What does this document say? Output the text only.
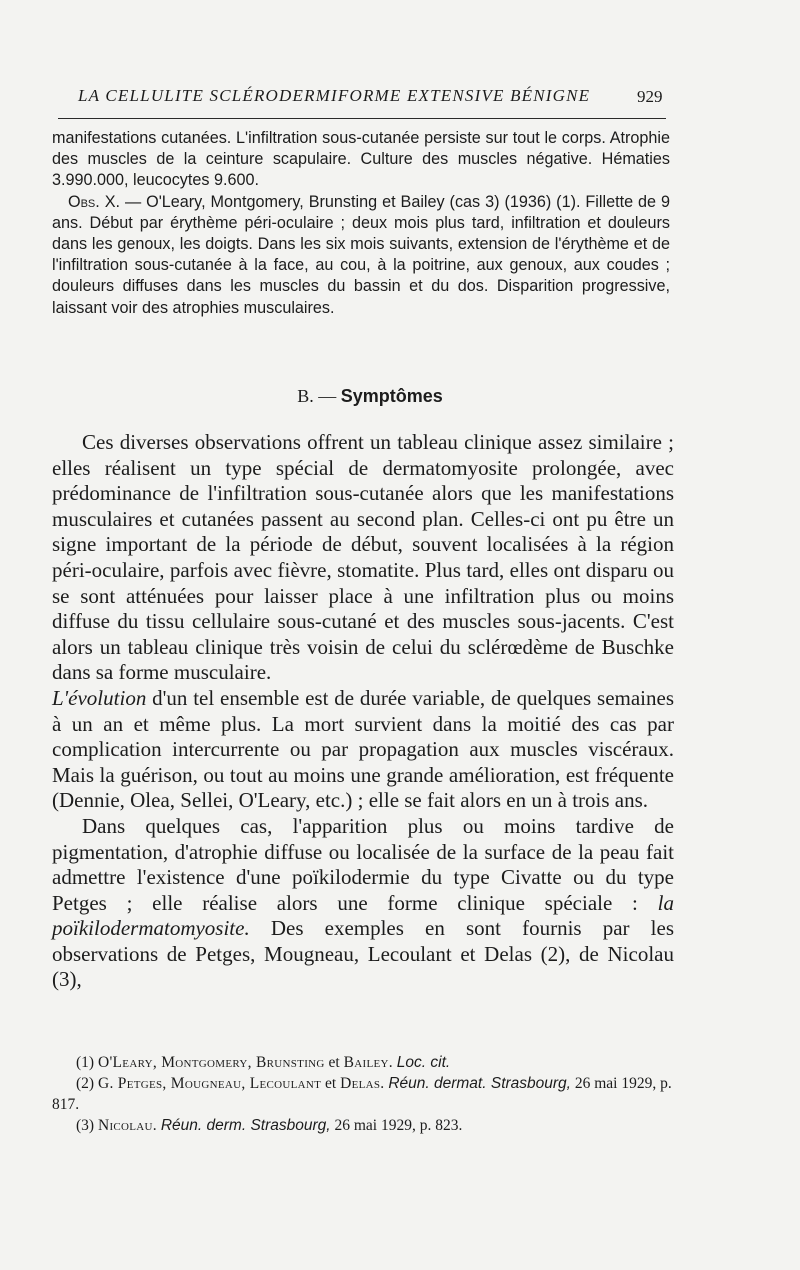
LA CELLULITE SCLÉRODERMIFORME EXTENSIVE BÉNIGNE	929

manifestations cutanées. L'infiltration sous-cutanée persiste sur tout le corps. Atrophie des muscles de la ceinture scapulaire. Culture des muscles négative. Hématies 3.990.000, leucocytes 9.600.

Obs. X. — O'Leary, Montgomery, Brunsting et Bailey (cas 3) (1936) (1). Fillette de 9 ans. Début par érythème péri-oculaire ; deux mois plus tard, infiltration et douleurs dans les genoux, les doigts. Dans les six mois suivants, extension de l'érythème et de l'infiltration sous-cutanée à la face, au cou, à la poitrine, aux genoux, aux coudes ; douleurs diffuses dans les muscles du bassin et du dos. Disparition progressive, laissant voir des atrophies musculaires.

B. — Symptômes

Ces diverses observations offrent un tableau clinique assez similaire ; elles réalisent un type spécial de dermatomyosite prolongée, avec prédominance de l'infiltration sous-cutanée alors que les manifestations musculaires et cutanées passent au second plan. Celles-ci ont pu être un signe important de la période de début, souvent localisées à la région péri-oculaire, parfois avec fièvre, stomatite. Plus tard, elles ont disparu ou se sont atténuées pour laisser place à une infiltration plus ou moins diffuse du tissu cellulaire sous-cutané et des muscles sous-jacents. C'est alors un tableau clinique très voisin de celui du sclérœdème de Buschke dans sa forme musculaire.

L'évolution d'un tel ensemble est de durée variable, de quelques semaines à un an et même plus. La mort survient dans la moitié des cas par complication intercurrente ou par propagation aux muscles viscéraux. Mais la guérison, ou tout au moins une grande amélioration, est fréquente (Dennie, Olea, Sellei, O'Leary, etc.) ; elle se fait alors en un à trois ans.

Dans quelques cas, l'apparition plus ou moins tardive de pigmentation, d'atrophie diffuse ou localisée de la surface de la peau fait admettre l'existence d'une poïkilodermie du type Civatte ou du type Petges ; elle réalise alors une forme clinique spéciale : la poïkilodermatomyosite. Des exemples en sont fournis par les observations de Petges, Mougneau, Lecoulant et Delas (2), de Nicolau (3),

(1) O'Leary, Montgomery, Brunsting et Bailey. Loc. cit.

(2) G. Petges, Mougneau, Lecoulant et Delas. Réun. dermat. Strasbourg, 26 mai 1929, p. 817.

(3) Nicolau. Réun. derm. Strasbourg, 26 mai 1929, p. 823.
